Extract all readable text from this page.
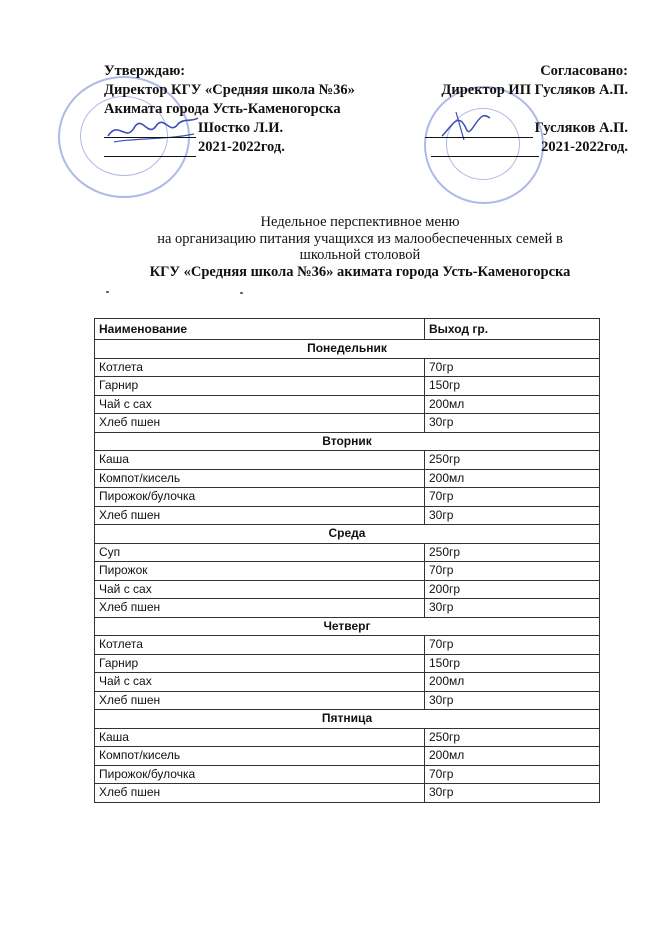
Утверждаю:
Директор КГУ «Средняя школа №36»
Акимата города Усть-Каменогорска
Шостко Л.И.
2021-2022год.
Согласовано:
Директор ИП Гусляков А.П.
Гусляков А.П.
2021-2022год.
Недельное перспективное меню
на организацию питания учащихся из малообеспеченных семей в
школьной столовой
КГУ «Средняя школа №36» акимата города Усть-Каменогорска
Наименование	Выход гр.
Понедельник	
Котлета	70гр
Гарнир	150гр
Чай с сах	200мл
Хлеб пшен	30гр
Вторник	
Каша	250гр
Компот/кисель	200мл
Пирожок/булочка	70гр
Хлеб пшен	30гр
Среда	
Суп	250гр
Пирожок	70гр
Чай с сах	200гр
Хлеб пшен	30гр
Четверг	
Котлета	70гр
Гарнир	150гр
Чай с сах	200мл
Хлеб пшен	30гр
Пятница	
Каша	250гр
Компот/кисель	200мл
Пирожок/булочка	70гр
Хлеб пшен	30гр
